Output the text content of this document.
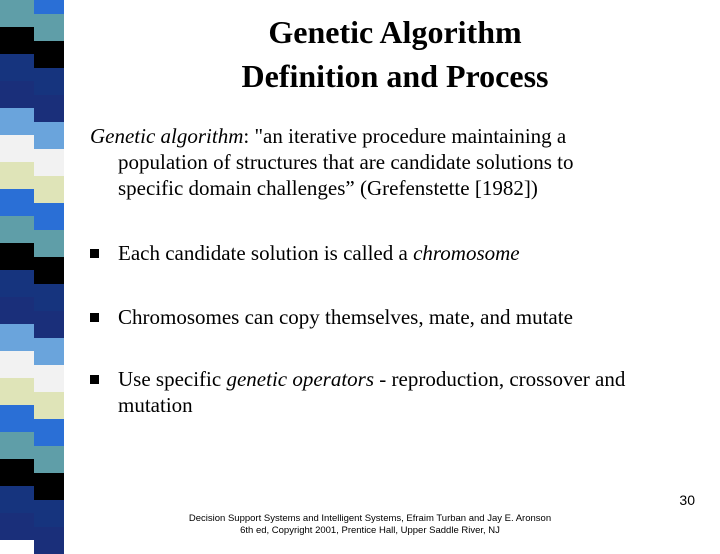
Genetic Algorithm
Definition and Process
Genetic algorithm: "an iterative procedure maintaining a
population of structures that are candidate solutions to
specific domain challenges” (Grefenstette [1982])
Each candidate solution is called a chromosome
Chromosomes can copy themselves, mate, and mutate
Use specific genetic operators - reproduction, crossover and mutation
30
Decision Support Systems and Intelligent Systems, Efraim Turban and Jay E. Aronson
6th ed, Copyright 2001, Prentice Hall, Upper Saddle River, NJ
